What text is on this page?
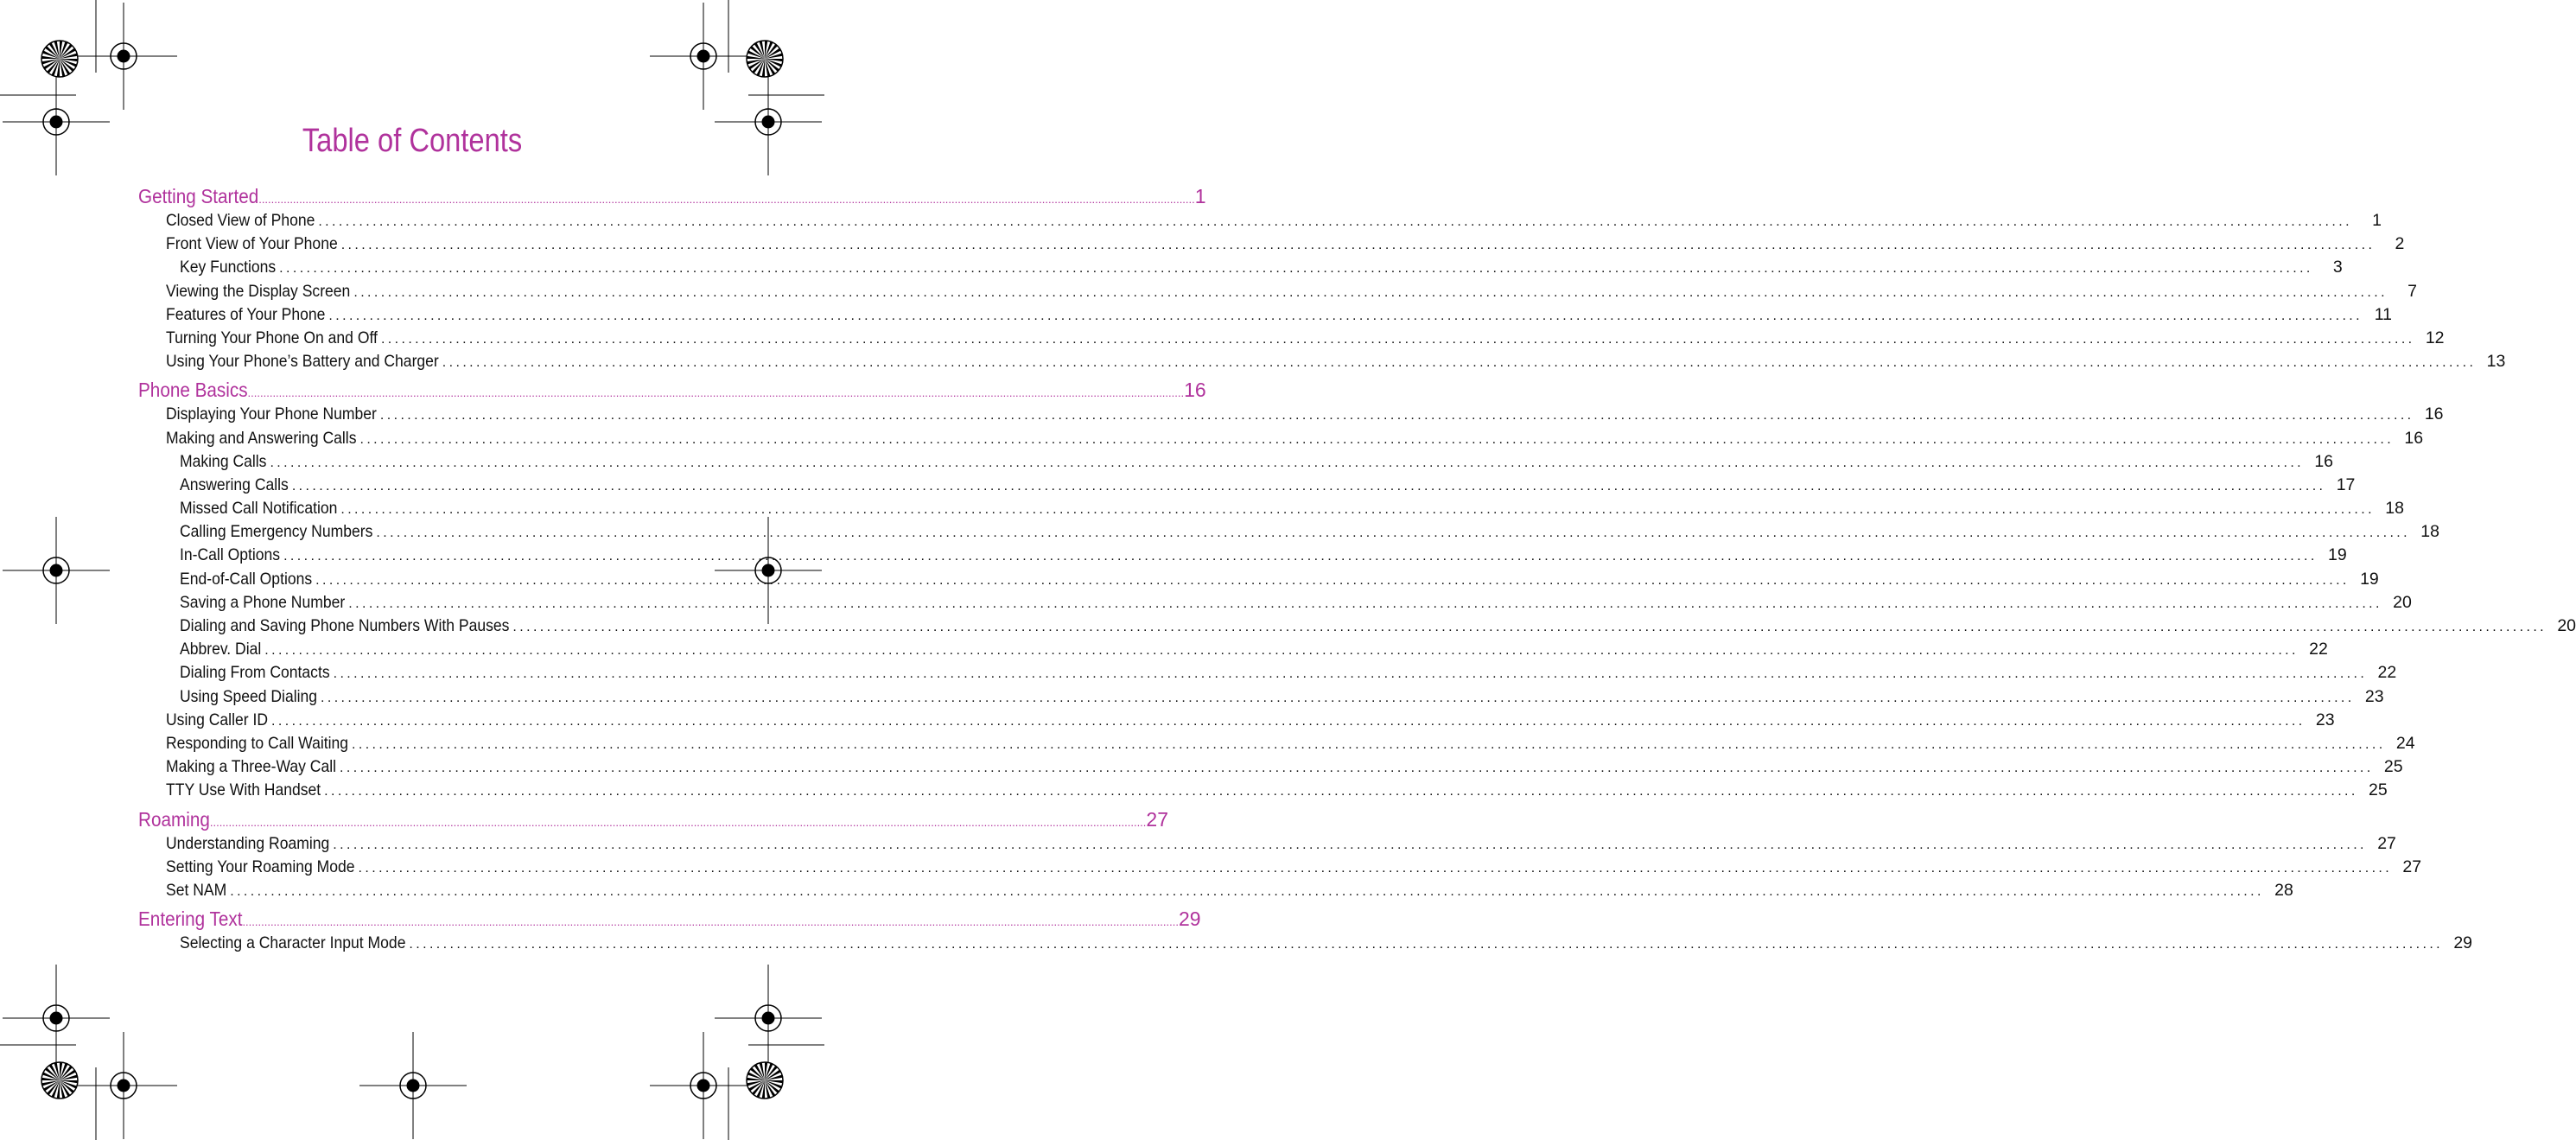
Table of Contents
Getting Started ............................................................................................................................................................................................................................................................................................................ 1
Closed View of Phone ............................................................................................................................................................................................................................................................................................................	1
Front View of Your Phone ............................................................................................................................................................................................................................................................................................................	2
Key Functions ............................................................................................................................................................................................................................................................................................................	3
Viewing the Display Screen ............................................................................................................................................................................................................................................................................................................	7
Features of Your Phone ............................................................................................................................................................................................................................................................................................................ 11
Turning Your Phone On and Off ............................................................................................................................................................................................................................................................................................................ 12
Using Your Phone’s Battery and Charger ............................................................................................................................................................................................................................................................................................................ 13
Phone Basics ............................................................................................................................................................................................................................................................................................................ 16
Displaying Your Phone Number ............................................................................................................................................................................................................................................................................................................ 16
Making and Answering Calls ............................................................................................................................................................................................................................................................................................................ 16
Making Calls ............................................................................................................................................................................................................................................................................................................ 16
Answering Calls ............................................................................................................................................................................................................................................................................................................ 17
Missed Call Notification ............................................................................................................................................................................................................................................................................................................ 18
Calling Emergency Numbers ............................................................................................................................................................................................................................................................................................................ 18
In-Call Options ............................................................................................................................................................................................................................................................................................................ 19
End-of-Call Options ............................................................................................................................................................................................................................................................................................................ 19
Saving a Phone Number ............................................................................................................................................................................................................................................................................................................ 20
Dialing and Saving Phone Numbers With Pauses ............................................................................................................................................................................................................................................................................................................ 20
Abbrev. Dial ............................................................................................................................................................................................................................................................................................................ 22
Dialing From Contacts ............................................................................................................................................................................................................................................................................................................ 22
Using Speed Dialing ............................................................................................................................................................................................................................................................................................................ 23
Using Caller ID ............................................................................................................................................................................................................................................................................................................ 23
Responding to Call Waiting ............................................................................................................................................................................................................................................................................................................ 24
Making a Three-Way Call ............................................................................................................................................................................................................................................................................................................ 25
TTY Use With Handset ............................................................................................................................................................................................................................................................................................................ 25
Roaming ............................................................................................................................................................................................................................................................................................................ 27
Understanding Roaming ............................................................................................................................................................................................................................................................................................................ 27
Setting Your Roaming Mode ............................................................................................................................................................................................................................................................................................................ 27
Set NAM ............................................................................................................................................................................................................................................................................................................ 28
Entering Text ............................................................................................................................................................................................................................................................................................................ 29
Selecting a Character Input Mode ............................................................................................................................................................................................................................................................................................................ 29
